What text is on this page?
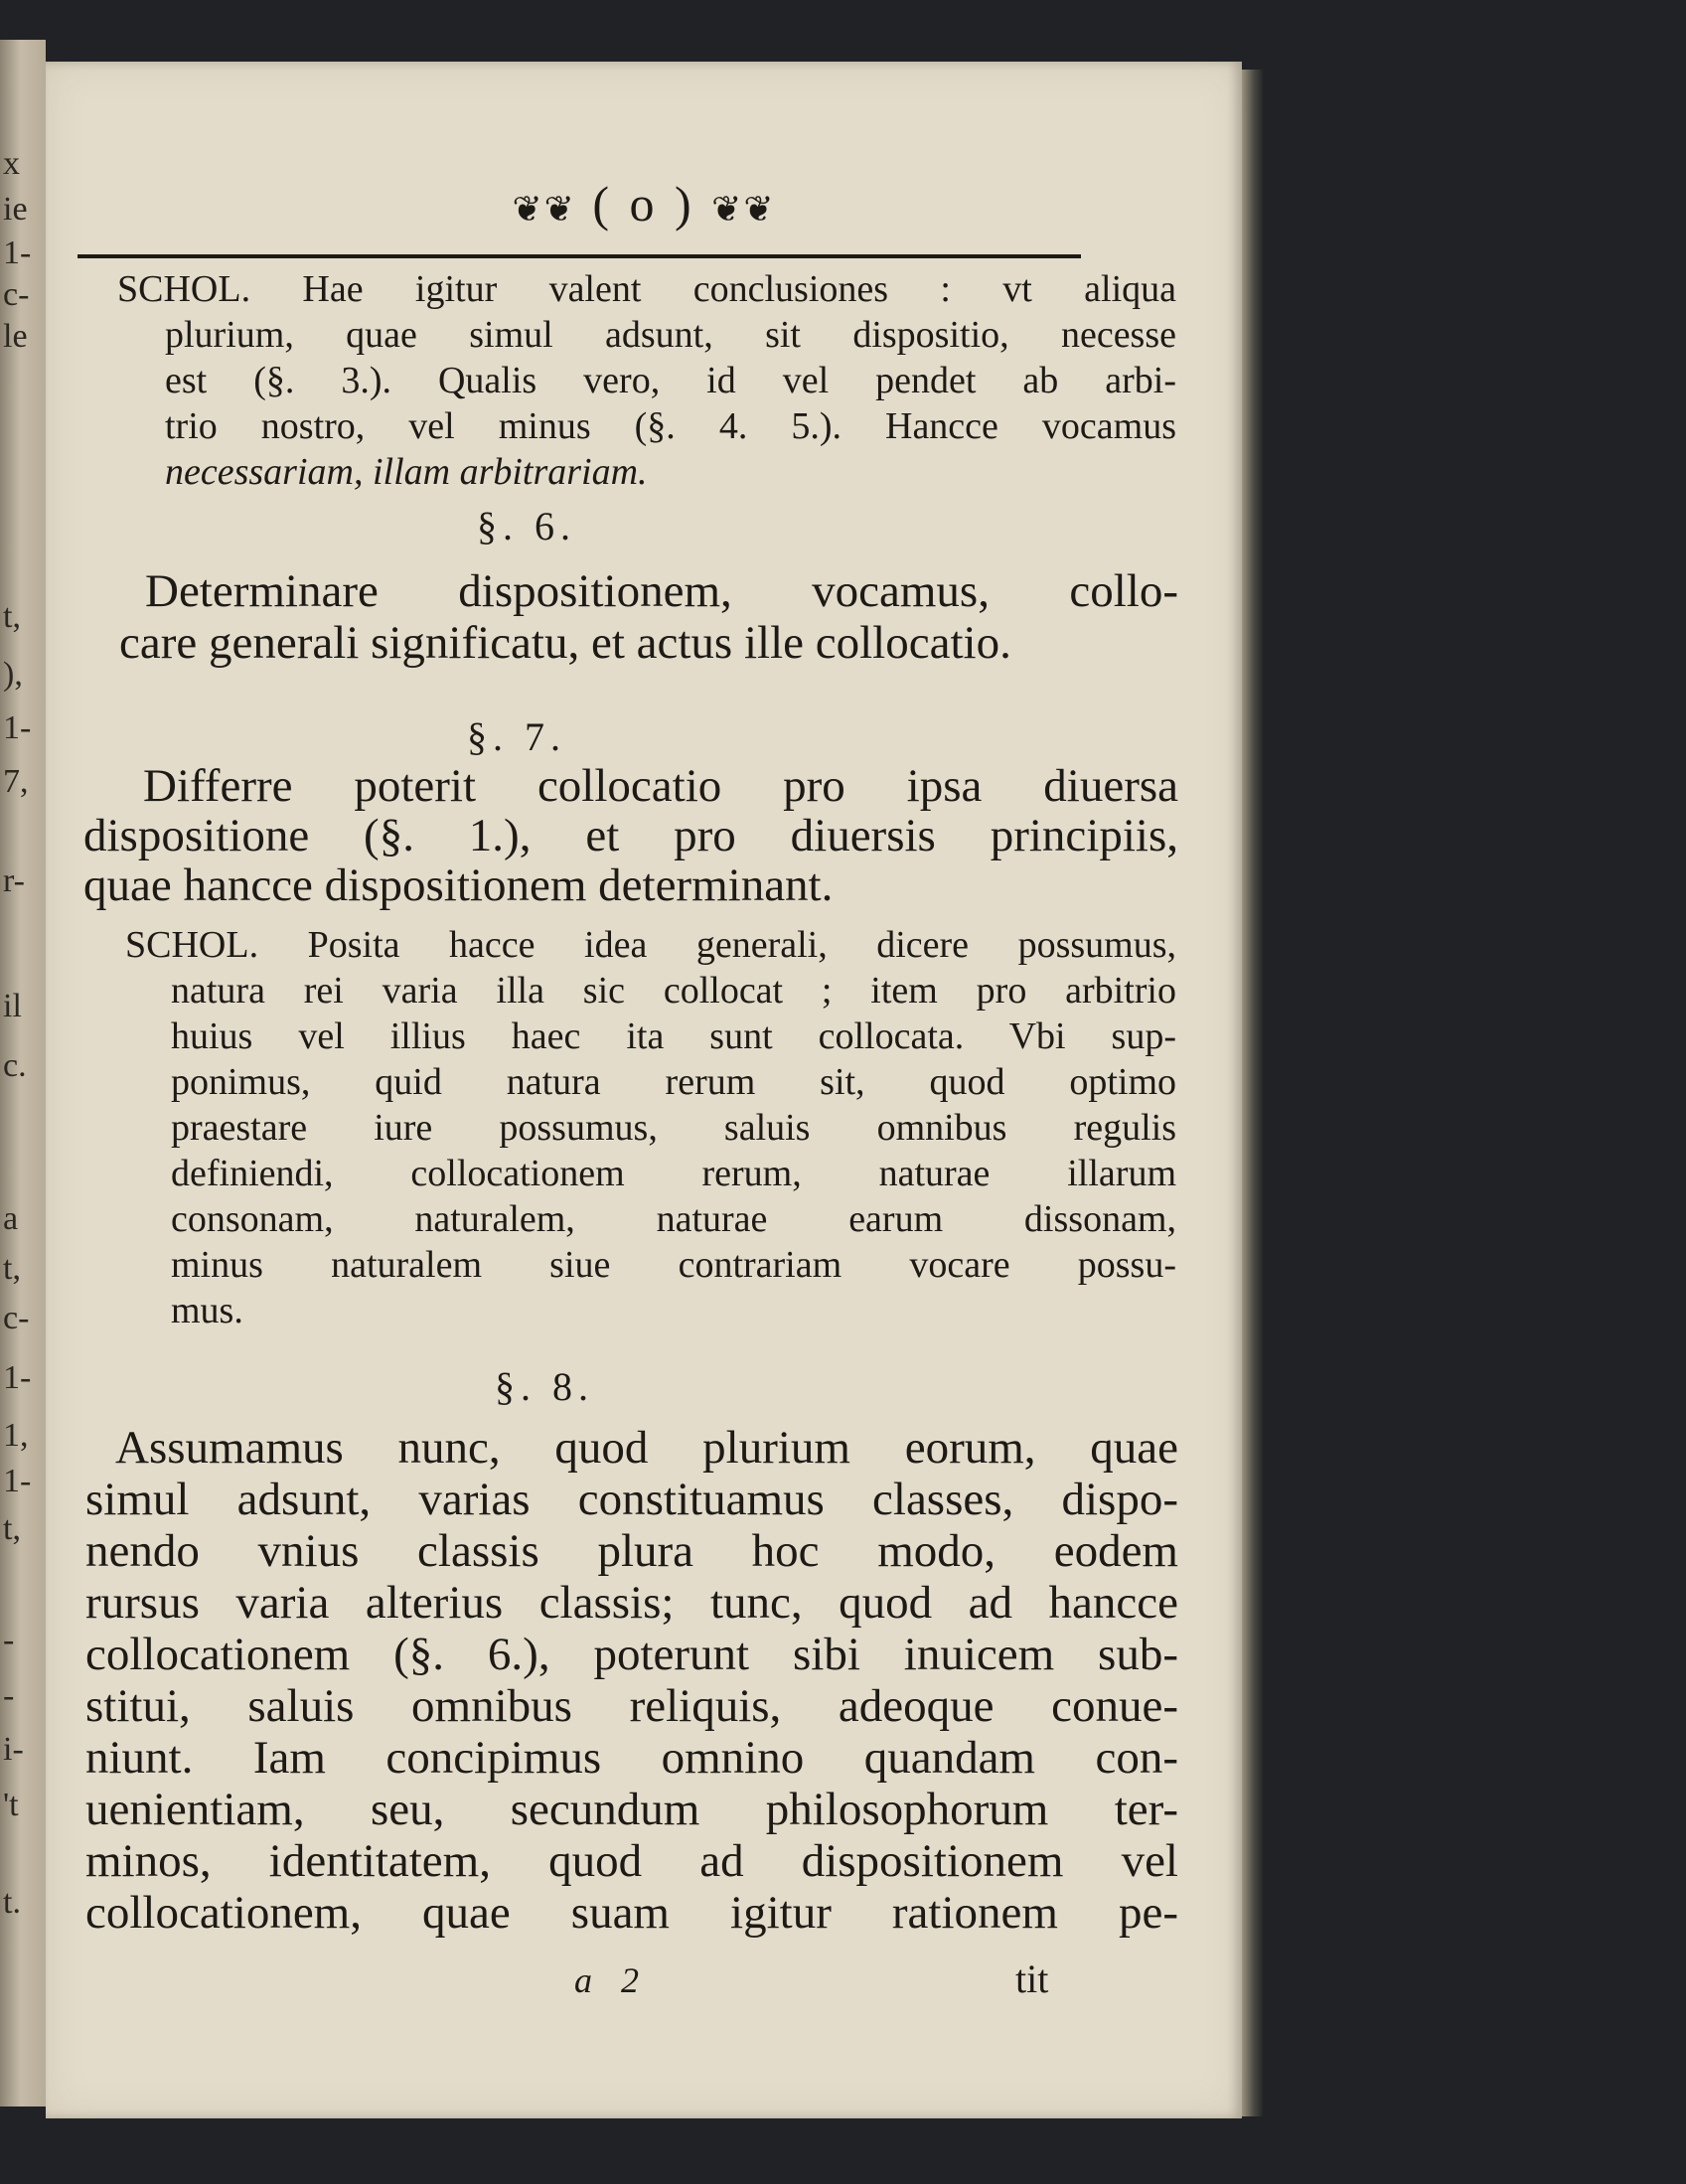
x
ie
1-
c-
le
t,
),
1-
7,
r-
il
c.
a
t,
c-
1-
1,
1-
t,
-
-
i-
't
t.
❦❦ ( o ) ❦❦
SCHOL. Hae igitur valent conclusiones : vt aliqua
plurium, quae simul adsunt, sit dispositio, necesse
est (§. 3.). Qualis vero, id vel pendet ab arbi-
trio nostro, vel minus (§. 4. 5.). Hancce vocamus
necessariam, illam arbitrariam.
§. 6.
Determinare dispositionem, vocamus, collo-
care generali significatu, et actus ille collocatio.
§. 7.
Differre poterit collocatio pro ipsa diuersa
dispositione (§. 1.), et pro diuersis principiis,
quae hancce dispositionem determinant.
SCHOL. Posita hacce idea generali, dicere possumus,
natura rei varia illa sic collocat ; item pro arbitrio
huius vel illius haec ita sunt collocata. Vbi sup-
ponimus, quid natura rerum sit, quod optimo
praestare iure possumus, saluis omnibus regulis
definiendi, collocationem rerum, naturae illarum
consonam, naturalem, naturae earum dissonam,
minus naturalem siue contrariam vocare possu-
mus.
§. 8.
Assumamus nunc, quod plurium eorum, quae
simul adsunt, varias constituamus classes, dispo-
nendo vnius classis plura hoc modo, eodem
rursus varia alterius classis; tunc, quod ad hancce
collocationem (§. 6.), poterunt sibi inuicem sub-
stitui, saluis omnibus reliquis, adeoque conue-
niunt. Iam concipimus omnino quandam con-
uenientiam, seu, secundum philosophorum ter-
minos, identitatem, quod ad dispositionem vel
collocationem, quae suam igitur rationem pe-
a 2	tit
